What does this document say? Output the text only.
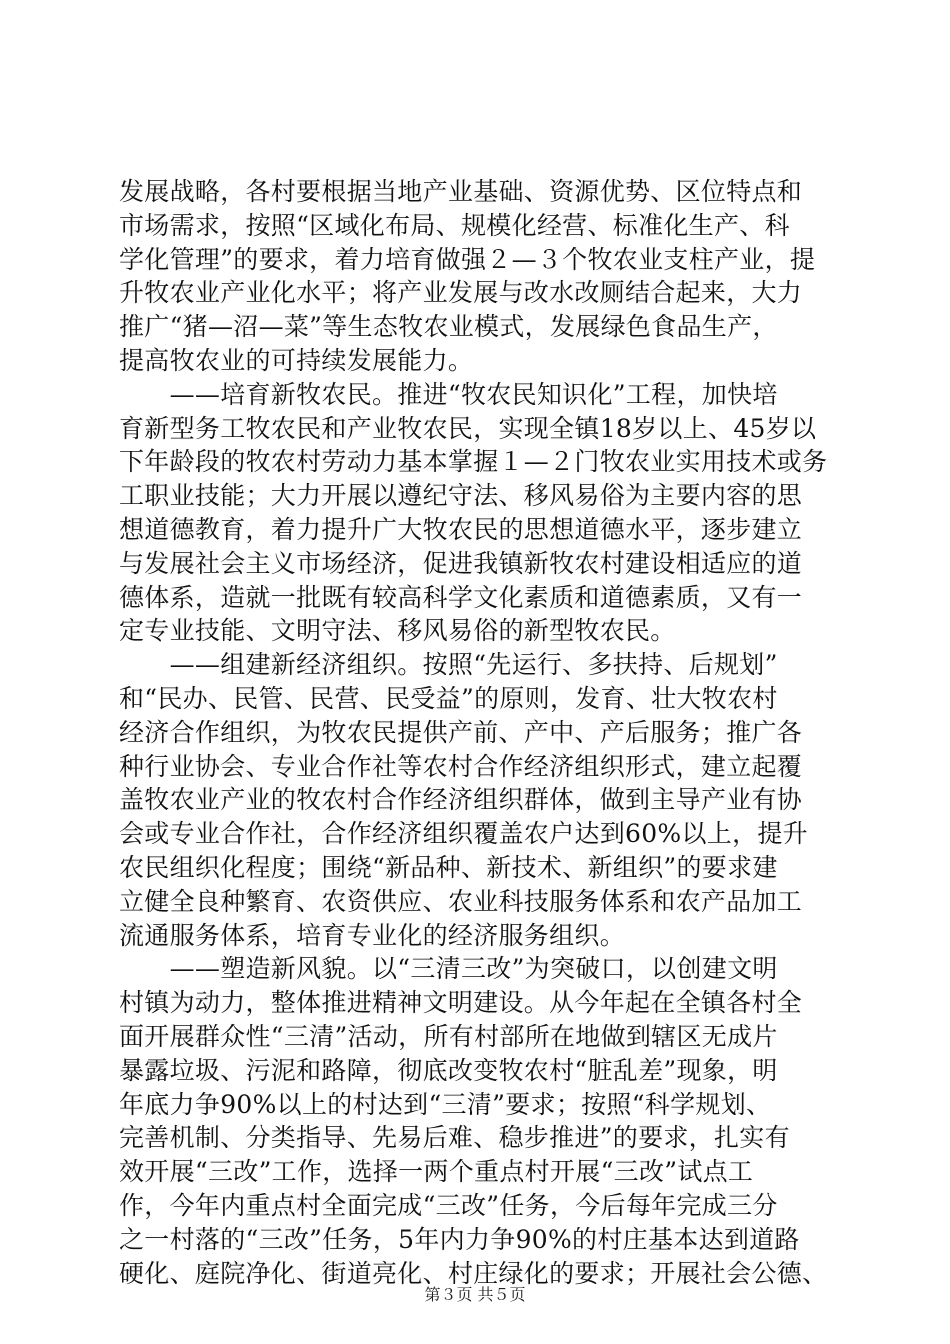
发展战略，各村要根据当地产业基础、资源优势、区位特点和
市场需求，按照“区域化布局、规模化经营、标准化生产、科
学化管理”的要求，着力培育做强２—３个牧农业支柱产业，提
升牧农业产业化水平；将产业发展与改水改厕结合起来，大力
推广“猪—沼—菜”等生态牧农业模式，发展绿色食品生产，
提高牧农业的可持续发展能力。
　　——培育新牧农民。推进“牧农民知识化”工程，加快培
育新型务工牧农民和产业牧农民，实现全镇18岁以上、45岁以
下年龄段的牧农村劳动力基本掌握１—２门牧农业实用技术或务
工职业技能；大力开展以遵纪守法、移风易俗为主要内容的思
想道德教育，着力提升广大牧农民的思想道德水平，逐步建立
与发展社会主义市场经济，促进我镇新牧农村建设相适应的道
德体系，造就一批既有较高科学文化素质和道德素质，又有一
定专业技能、文明守法、移风易俗的新型牧农民。
　　——组建新经济组织。按照“先运行、多扶持、后规划”
和“民办、民管、民营、民受益”的原则，发育、壮大牧农村
经济合作组织，为牧农民提供产前、产中、产后服务；推广各
种行业协会、专业合作社等农村合作经济组织形式，建立起覆
盖牧农业产业的牧农村合作经济组织群体，做到主导产业有协
会或专业合作社，合作经济组织覆盖农户达到60%以上，提升
农民组织化程度；围绕“新品种、新技术、新组织”的要求建
立健全良种繁育、农资供应、农业科技服务体系和农产品加工
流通服务体系，培育专业化的经济服务组织。
　　——塑造新风貌。以“三清三改”为突破口，以创建文明
村镇为动力，整体推进精神文明建设。从今年起在全镇各村全
面开展群众性“三清”活动，所有村部所在地做到辖区无成片
暴露垃圾、污泥和路障，彻底改变牧农村“脏乱差”现象，明
年底力争90%以上的村达到“三清”要求；按照“科学规划、
完善机制、分类指导、先易后难、稳步推进”的要求，扎实有
效开展“三改”工作，选择一两个重点村开展“三改”试点工
作，今年内重点村全面完成“三改”任务，今后每年完成三分
之一村落的“三改”任务，5年内力争90%的村庄基本达到道路
硬化、庭院净化、街道亮化、村庄绿化的要求；开展社会公德、
第３页 共５页
